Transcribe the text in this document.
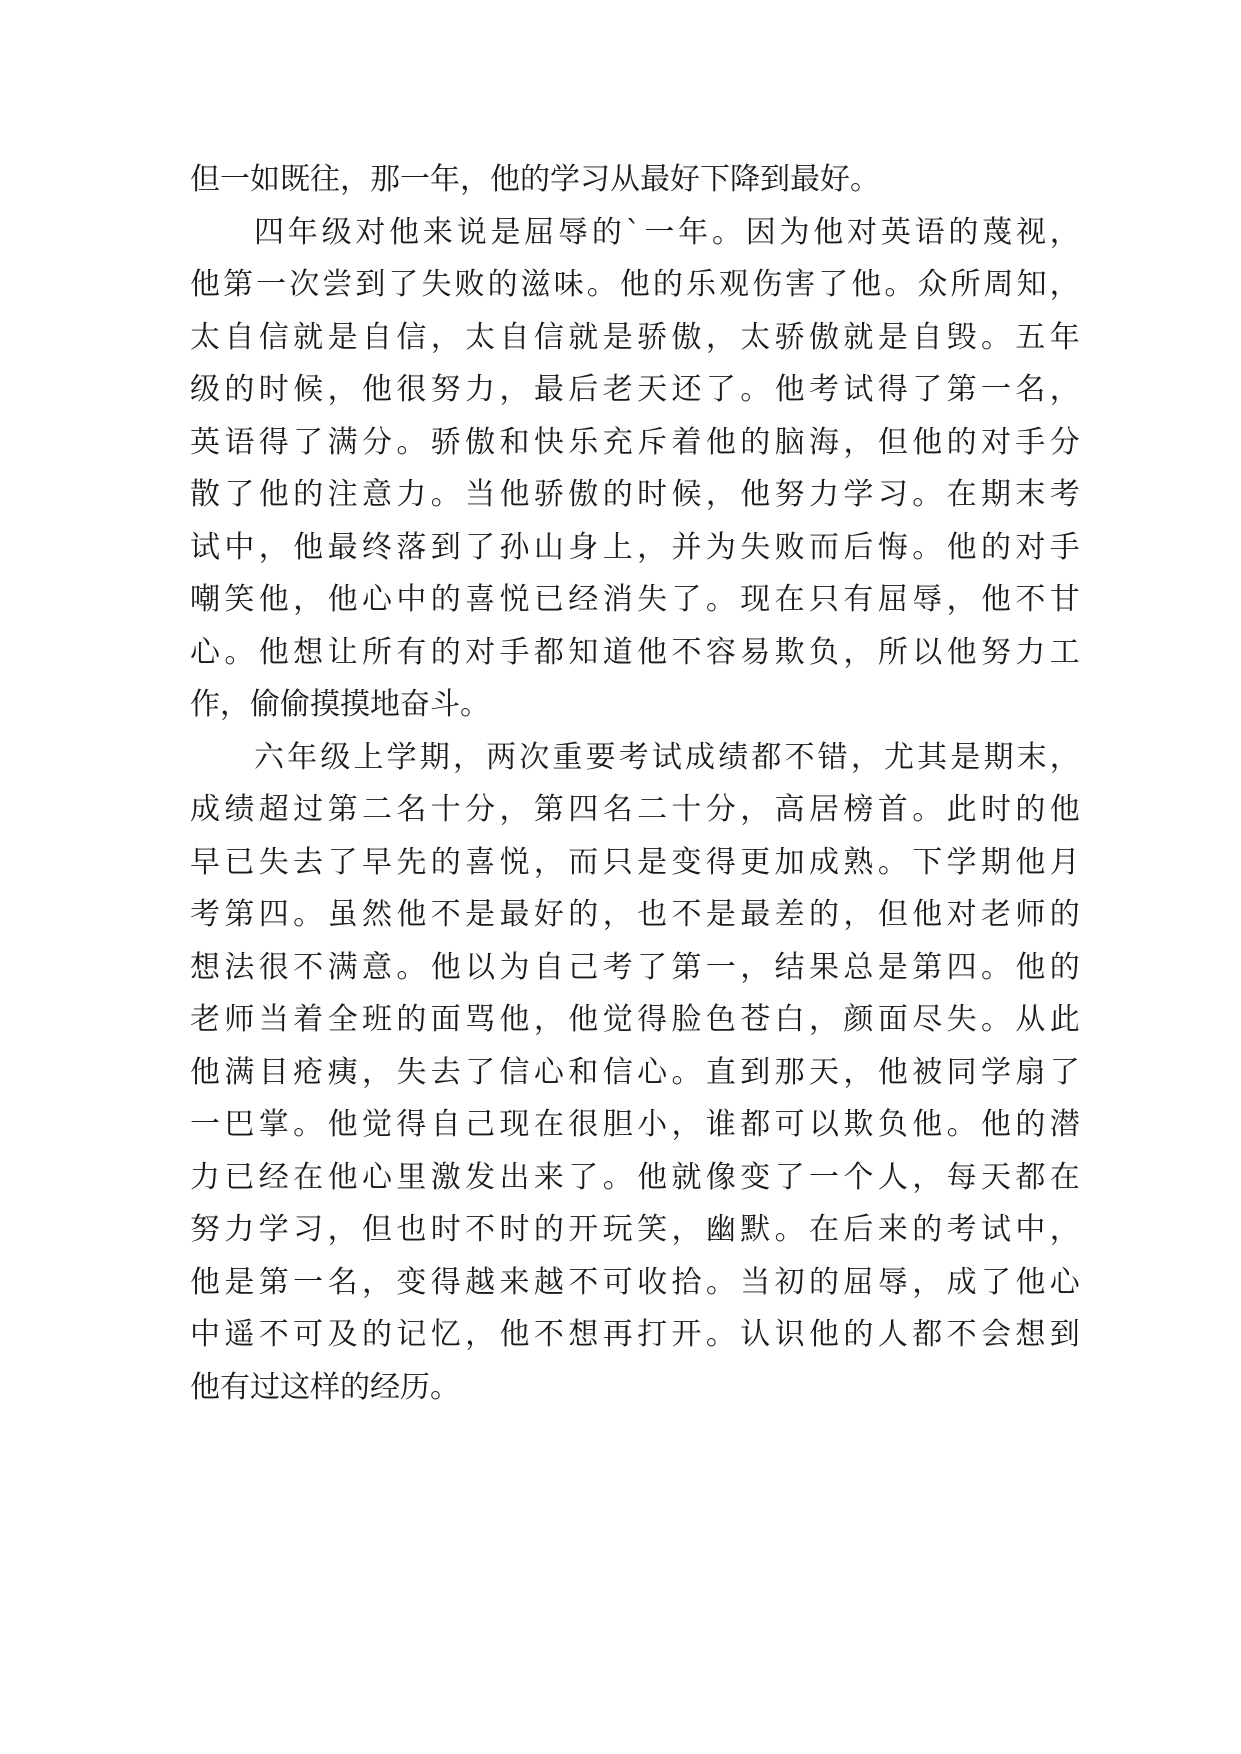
但一如既往，那一年，他的学习从最好下降到最好。
四 年 级 对 他 来 说 是 屈 辱 的 ` 一 年 。 因 为 他 对 英 语 的 蔑 视 ，
他 第 一 次 尝 到 了 失 败 的 滋 味 。 他 的 乐 观 伤 害 了 他 。 众 所 周 知 ，
太 自 信 就 是 自 信 ， 太 自 信 就 是 骄 傲 ， 太 骄 傲 就 是 自 毁 。 五 年
级 的 时 候 ， 他 很 努 力 ， 最 后 老 天 还 了 。 他 考 试 得 了 第 一 名 ，
英 语 得 了 满 分 。 骄 傲 和 快 乐 充 斥 着 他 的 脑 海 ， 但 他 的 对 手 分
散 了 他 的 注 意 力 。 当 他 骄 傲 的 时 候 ， 他 努 力 学 习 。 在 期 末 考
试 中 ， 他 最 终 落 到 了 孙 山 身 上 ， 并 为 失 败 而 后 悔 。 他 的 对 手
嘲 笑 他 ， 他 心 中 的 喜 悦 已 经 消 失 了 。 现 在 只 有 屈 辱 ， 他 不 甘
心 。 他 想 让 所 有 的 对 手 都 知 道 他 不 容 易 欺 负 ， 所 以 他 努 力 工
作，偷偷摸摸地奋斗。
六 年 级 上 学 期 ， 两 次 重 要 考 试 成 绩 都 不 错 ， 尤 其 是 期 末 ，
成 绩 超 过 第 二 名 十 分 ， 第 四 名 二 十 分 ， 高 居 榜 首 。 此 时 的 他
早 已 失 去 了 早 先 的 喜 悦 ， 而 只 是 变 得 更 加 成 熟 。 下 学 期 他 月
考 第 四 。 虽 然 他 不 是 最 好 的 ， 也 不 是 最 差 的 ， 但 他 对 老 师 的
想 法 很 不 满 意 。 他 以 为 自 己 考 了 第 一 ， 结 果 总 是 第 四 。 他 的
老 师 当 着 全 班 的 面 骂 他 ， 他 觉 得 脸 色 苍 白 ， 颜 面 尽 失 。 从 此
他 满 目 疮 痍 ， 失 去 了 信 心 和 信 心 。 直 到 那 天 ， 他 被 同 学 扇 了
一 巴 掌 。 他 觉 得 自 己 现 在 很 胆 小 ， 谁 都 可 以 欺 负 他 。 他 的 潜
力 已 经 在 他 心 里 激 发 出 来 了 。 他 就 像 变 了 一 个 人 ， 每 天 都 在
努 力 学 习 ， 但 也 时 不 时 的 开 玩 笑 ， 幽 默 。 在 后 来 的 考 试 中 ，
他 是 第 一 名 ， 变 得 越 来 越 不 可 收 拾 。 当 初 的 屈 辱 ， 成 了 他 心
中 遥 不 可 及 的 记 忆 ， 他 不 想 再 打 开 。 认 识 他 的 人 都 不 会 想 到
他有过这样的经历。
